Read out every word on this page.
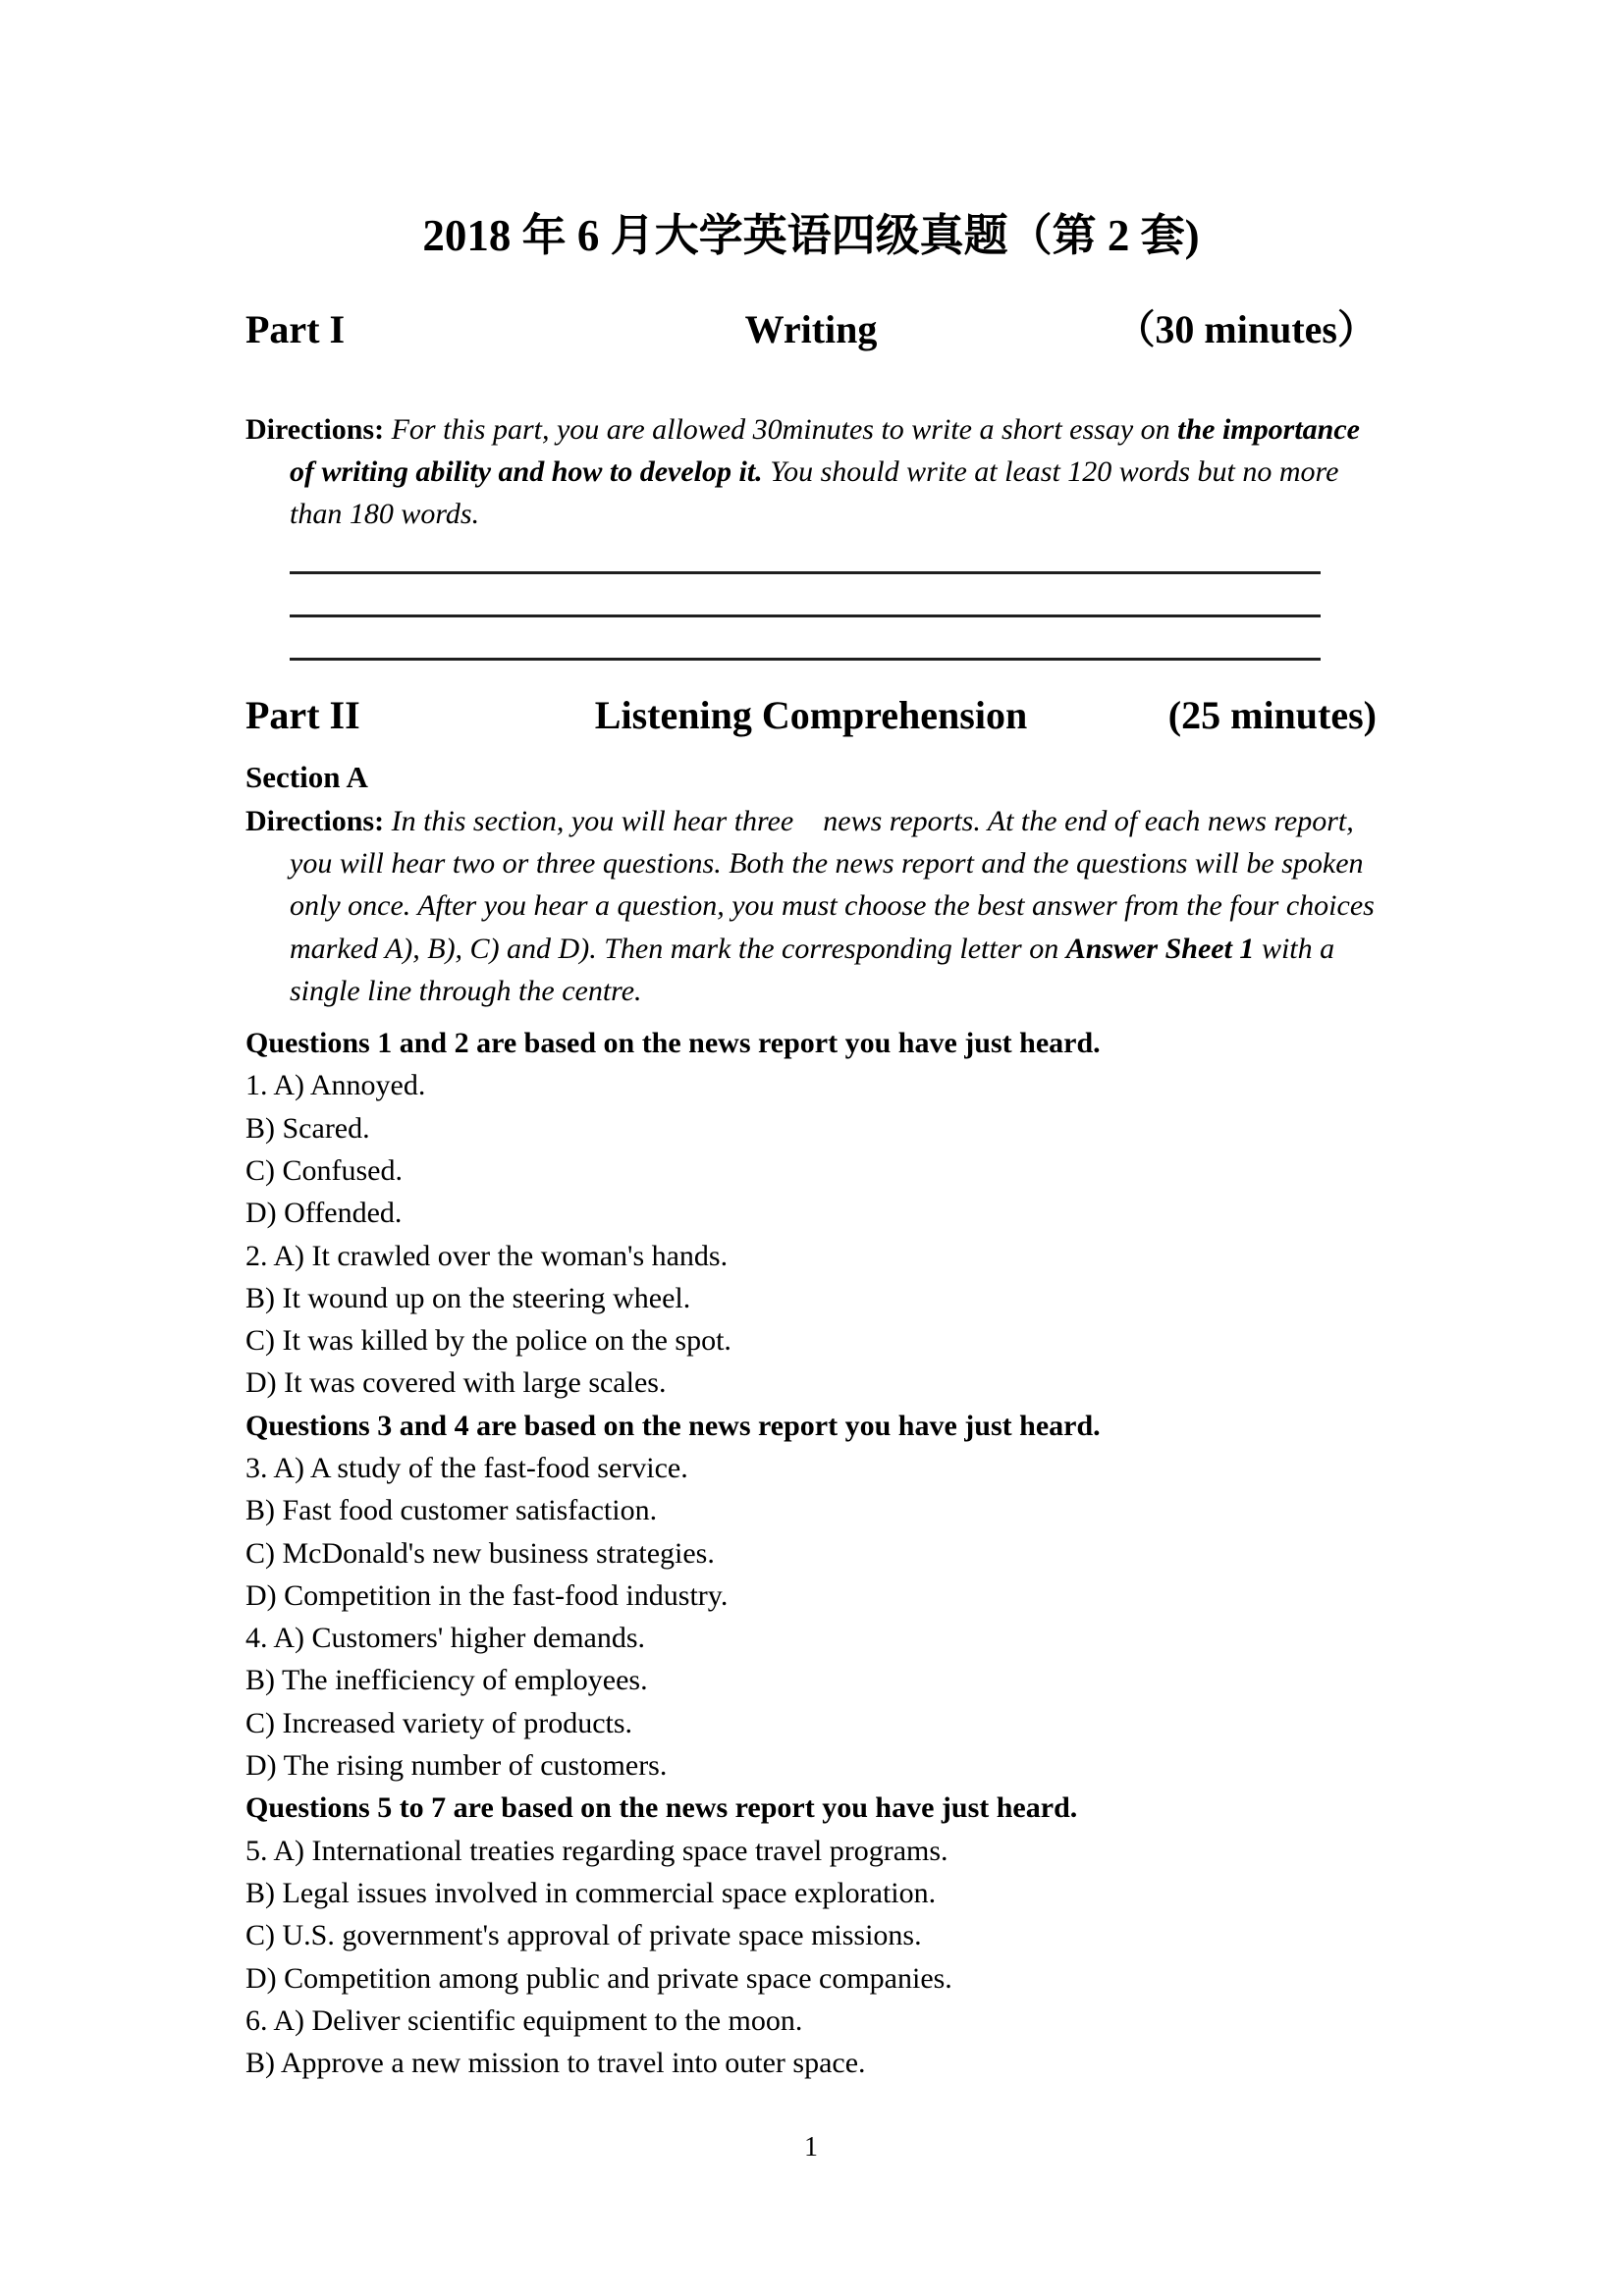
2018 年 6 月大学英语四级真题（第 2 套)
Part I	Writing	（30 minutes）
Directions: For this part, you are allowed 30minutes to write a short essay on the importance of writing ability and how to develop it. You should write at least 120 words but no more than 180 words.
Part II	Listening Comprehension	(25 minutes)
Section A
Directions: In this section, you will hear three    news reports. At the end of each news report, you will hear two or three questions. Both the news report and the questions will be spoken only once. After you hear a question, you must choose the best answer from the four choices marked A), B), C) and D). Then mark the corresponding letter on Answer Sheet 1 with a single line through the centre.
Questions 1 and 2 are based on the news report you have just heard.
1. A) Annoyed.
B) Scared.
C) Confused.
D) Offended.
2. A) It crawled over the woman's hands.
B) It wound up on the steering wheel.
C) It was killed by the police on the spot.
D) It was covered with large scales.
Questions 3 and 4 are based on the news report you have just heard.
3. A) A study of the fast-food service.
B) Fast food customer satisfaction.
C) McDonald's new business strategies.
D) Competition in the fast-food industry.
4. A) Customers' higher demands.
B) The inefficiency of employees.
C) Increased variety of products.
D) The rising number of customers.
Questions 5 to 7 are based on the news report you have just heard.
5. A) International treaties regarding space travel programs.
B) Legal issues involved in commercial space exploration.
C) U.S. government's approval of private space missions.
D) Competition among public and private space companies.
6. A) Deliver scientific equipment to the moon.
B) Approve a new mission to travel into outer space.
1
